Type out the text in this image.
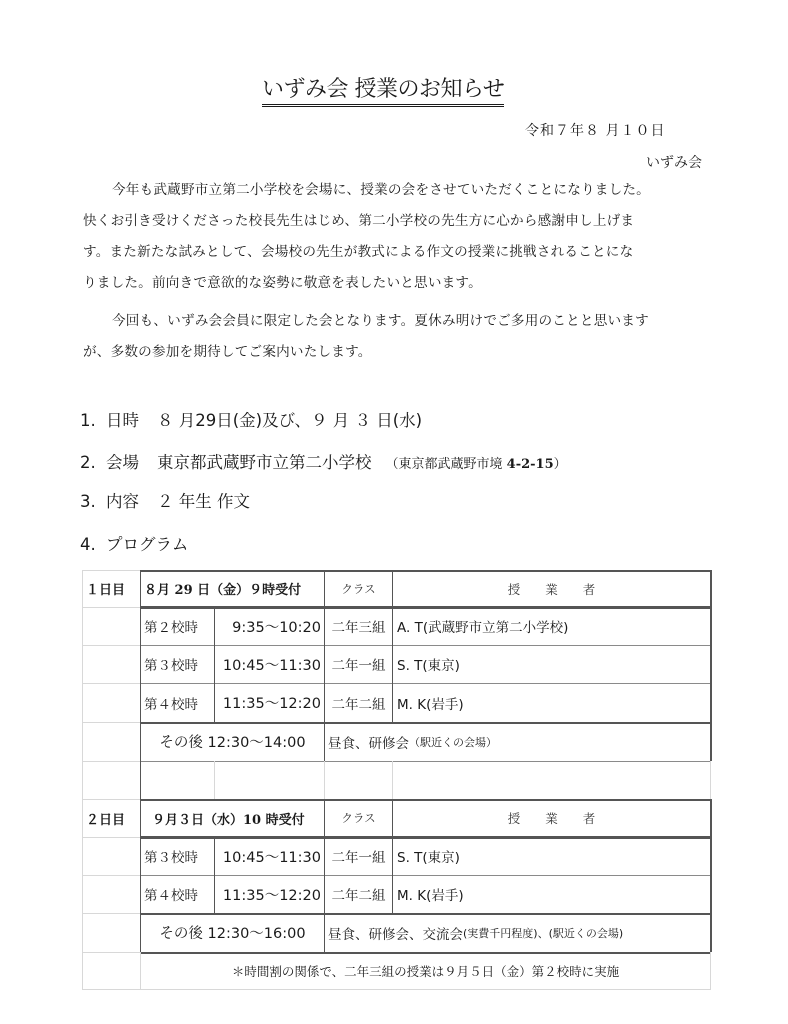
いずみ会 授業のお知らせ
令和７年８ 月１０日
いずみ会
今年も武蔵野市立第二小学校を会場に、授業の会をさせていただくことになりました。
快くお引き受けくださった校長先生はじめ、第二小学校の先生方に心から感謝申し上げま
す。また新たな試みとして、会場校の先生が教式による作文の授業に挑戦されることにな
りました。前向きで意欲的な姿勢に敬意を表したいと思います。
今回も、いずみ会会員に限定した会となります。夏休み明けでご多用のことと思います
が、多数の参加を期待してご案内いたします。
1. 日時 ８ 月29日(金)及び、９ 月 ３ 日(水)
2. 会場 東京都武蔵野市立第二小学校 （東京都武蔵野市境 4-2-15）
3. 内容 ２ 年生 作文
4. プログラム
１日目	８月 29 日（金）９時受付	クラス	授　　業　　者
第２校時	9:35～10:20 二年三組 A. T(武蔵野市立第二小学校)
第３校時	10:45～11:30 二年一組 S. T(東京)
第４校時	11:35～12:20 二年二組 M. K(岩手)
その後 12:30～14:00	昼食、研修会 （駅近くの会場）
２日目	９月３日（水）10 時受付	クラス	授　　業　　者
第３校時	10:45～11:30 二年一組 S. T(東京)
第４校時	11:35～12:20 二年二組 M. K(岩手)
その後 12:30～16:00	昼食、研修会、交流会 (実費千円程度)、(駅近くの会場)
＊時間割の関係で、二年三組の授業は９月５日（金）第２校時に実施
